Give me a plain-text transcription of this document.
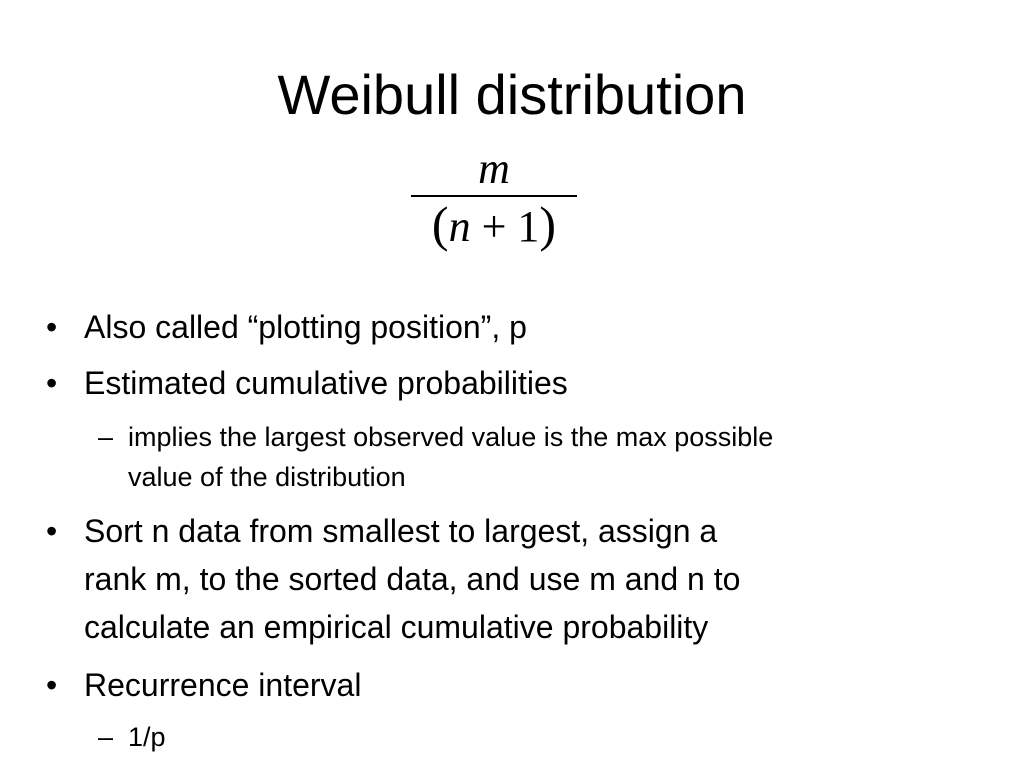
Weibull distribution
m
(n + 1)
• Also called “plotting position”, p
• Estimated cumulative probabilities
– implies the largest observed value is the max possible
value of the distribution
• Sort n data from smallest to largest, assign a
rank m, to the sorted data, and use m and n to
calculate an empirical cumulative probability
• Recurrence interval
– 1/p
